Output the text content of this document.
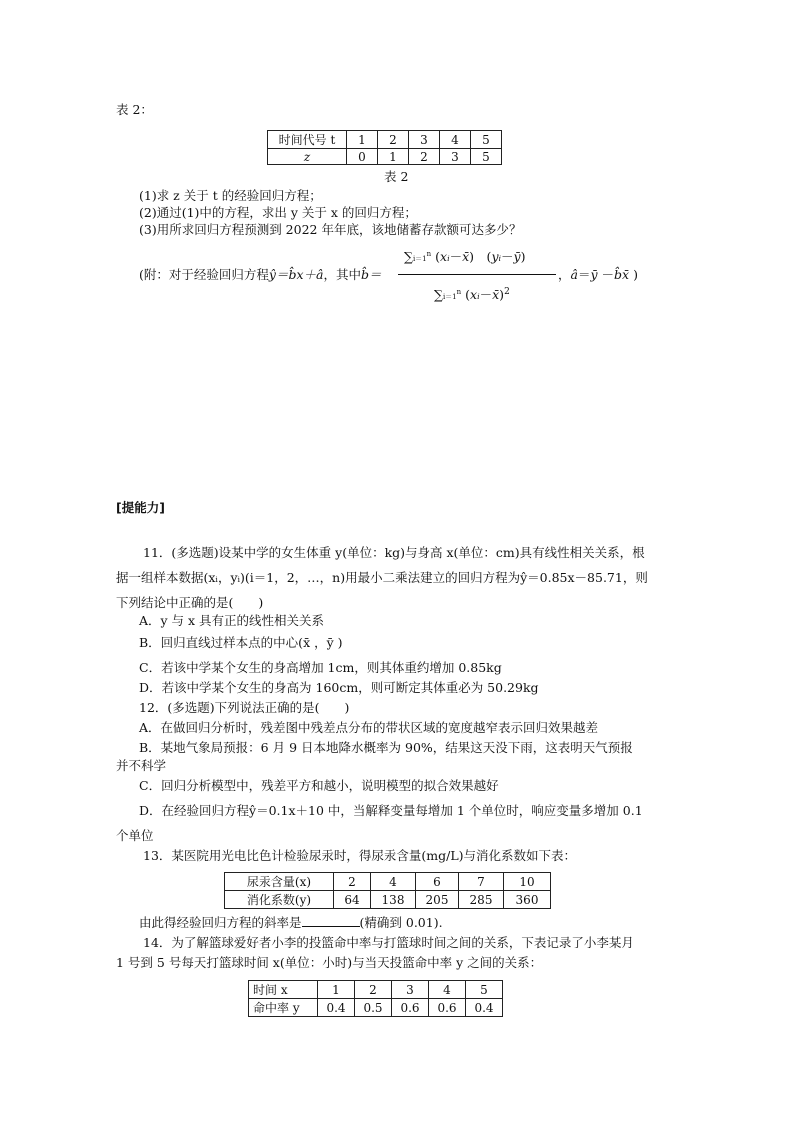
表 2：
时间代号 t	1	2	3	4	5
z	0	1	2	3	5
表 2
(1)求 z 关于 t 的经验回归方程；
(2)通过(1)中的方程，求出 y 关于 x 的回归方程；
(3)用所求回归方程预测到 2022 年年底，该地储蓄存款额可达多少？
(附：对于经验回归方程ŷ＝b̂x＋â，其中b̂＝
$\sum i=1^n$ (xᵢ－x̄)　(yᵢ－ȳ)
$\sum i=1^n$ (xᵢ－x̄)$^2$
，â＝ȳ －b̂x̄ )
[提能力]
11．(多选题)设某中学的女生体重 y(单位：kg)与身高 x(单位：cm)具有线性相关关系，根
据一组样本数据(xᵢ，yᵢ)(i＝1，2，…，n)用最小二乘法建立的回归方程为ŷ＝0.85x－85.71，则
下列结论中正确的是(　　)
A．y 与 x 具有正的线性相关关系
B．回归直线过样本点的中心(x̄ ，ȳ )
C．若该中学某个女生的身高增加 1cm，则其体重约增加 0.85kg
D．若该中学某个女生的身高为 160cm，则可断定其体重必为 50.29kg
12．(多选题)下列说法正确的是(　　)
A．在做回归分析时，残差图中残差点分布的带状区域的宽度越窄表示回归效果越差
B．某地气象局预报：6 月 9 日本地降水概率为 90%，结果这天没下雨，这表明天气预报
并不科学
C．回归分析模型中，残差平方和越小，说明模型的拟合效果越好
D．在经验回归方程ŷ＝0.1x＋10 中，当解释变量每增加 1 个单位时，响应变量多增加 0.1
个单位
13．某医院用光电比色计检验尿汞时，得尿汞含量(mg/L)与消化系数如下表：
尿汞含量(x)	2	4	6	7	10
消化系数(y)	64	138	205	285	360
由此得经验回归方程的斜率是	(精确到 0.01).
14．为了解篮球爱好者小李的投篮命中率与打篮球时间之间的关系，下表记录了小李某月
1 号到 5 号每天打篮球时间 x(单位：小时)与当天投篮命中率 y 之间的关系：
时间 x	1	2	3	4	5
命中率 y	0.4	0.5	0.6	0.6	0.4
